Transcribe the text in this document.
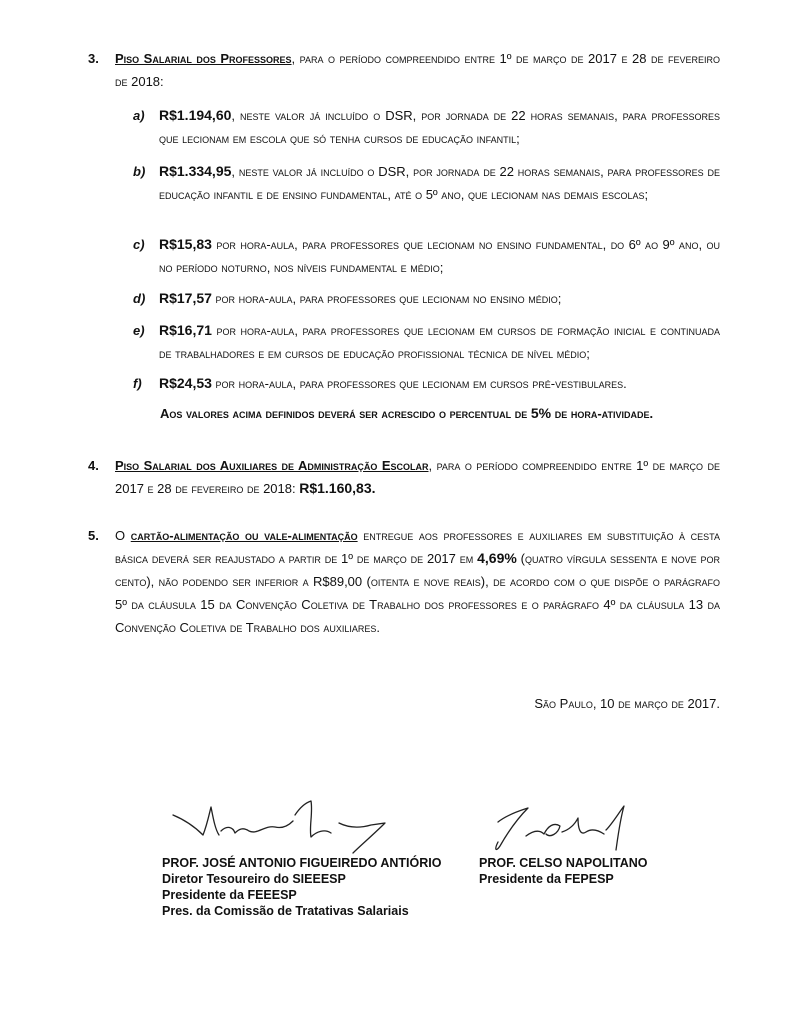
3. Piso Salarial dos Professores, para o período compreendido entre 1º de março de 2017 e 28 de fevereiro de 2018:
a) R$1.194,60, neste valor já incluído o DSR, por jornada de 22 horas semanais, para professores que lecionam em escola que só tenha cursos de educação infantil;
b) R$1.334,95, neste valor já incluído o DSR, por jornada de 22 horas semanais, para professores de educação infantil e de ensino fundamental, até o 5º ano, que lecionam nas demais escolas;
c) R$15,83 por hora-aula, para professores que lecionam no ensino fundamental, do 6º ao 9º ano, ou no período noturno, nos níveis fundamental e médio;
d) R$17,57 por hora-aula, para professores que lecionam no ensino médio;
e) R$16,71 por hora-aula, para professores que lecionam em cursos de formação inicial e continuada de trabalhadores e em cursos de educação profissional técnica de nível médio;
f) R$24,53 por hora-aula, para professores que lecionam em cursos pré-vestibulares.
Aos valores acima definidos deverá ser acrescido o percentual de 5% de hora-atividade.
4. Piso Salarial dos Auxiliares de Administração Escolar, para o período compreendido entre 1º de março de 2017 e 28 de fevereiro de 2018: R$1.160,83.
5. O cartão-alimentação ou vale-alimentação entregue aos professores e auxiliares em substituição à cesta básica deverá ser reajustado a partir de 1º de março de 2017 em 4,69% (quatro vírgula sessenta e nove por cento), não podendo ser inferior a R$89,00 (oitenta e nove reais), de acordo com o que dispõe o parágrafo 5º da cláusula 15 da Convenção Coletiva de Trabalho dos professores e o parágrafo 4º da cláusula 13 da Convenção Coletiva de Trabalho dos auxiliares.
São Paulo, 10 de março de 2017.
PROF. JOSÉ ANTONIO FIGUEIREDO ANTIÓRIO
Diretor Tesoureiro do SIEEESP
Presidente da FEEESP
Pres. da Comissão de Tratativas Salariais
PROF. CELSO NAPOLITANO
Presidente da FEPESP
